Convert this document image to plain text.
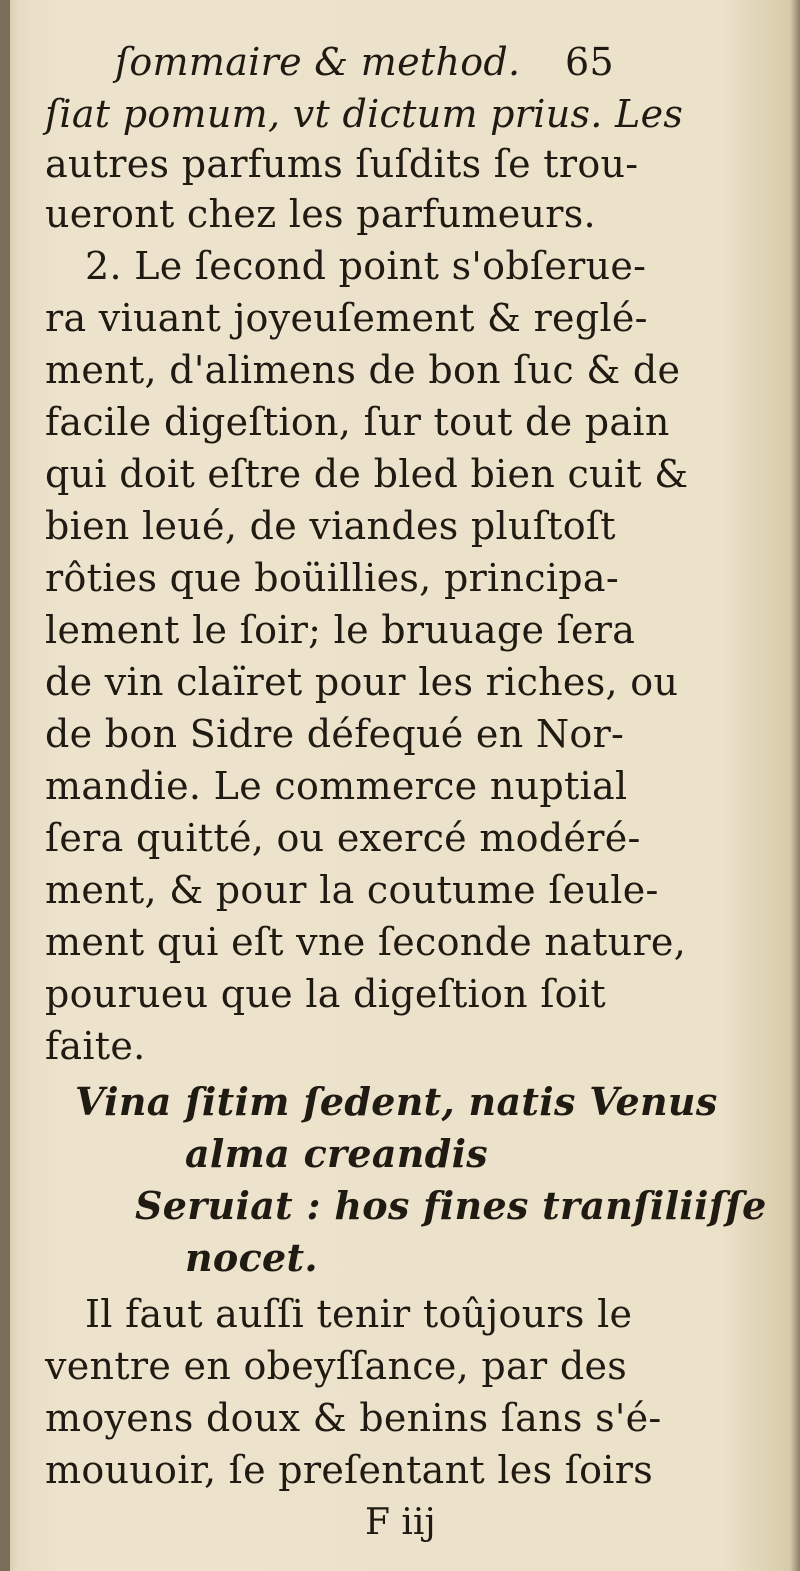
ſommaire & method. 65
ſiat pomum, vt dictum prius. Les
autres parfums ſuſdits ſe trou-
ueront chez les parfumeurs.
2. Le ſecond point s'obſerue-
ra viuant joyeuſement & reglé-
ment, d'alimens de bon ſuc & de
facile digeſtion, ſur tout de pain
qui doit eſtre de bled bien cuit &
bien leué, de viandes pluſtoſt
rôties que boüillies, principa-
lement le ſoir; le bruuage ſera
de vin claïret pour les riches, ou
de bon Sidre défequé en Nor-
mandie. Le commerce nuptial
ſera quitté, ou exercé modéré-
ment, & pour la coutume ſeule-
ment qui eſt vne ſeconde nature,
pourueu que la digeſtion ſoit
faite.
Vina ſitim ſedent, natis Venus
alma creandis
Seruiat : hos fines tranſiliiſſe
nocet.
Il faut auſſi tenir toûjours le
ventre en obeyſſance, par des
moyens doux & benins ſans s'é-
mouuoir, ſe preſentant les ſoirs
F iij
